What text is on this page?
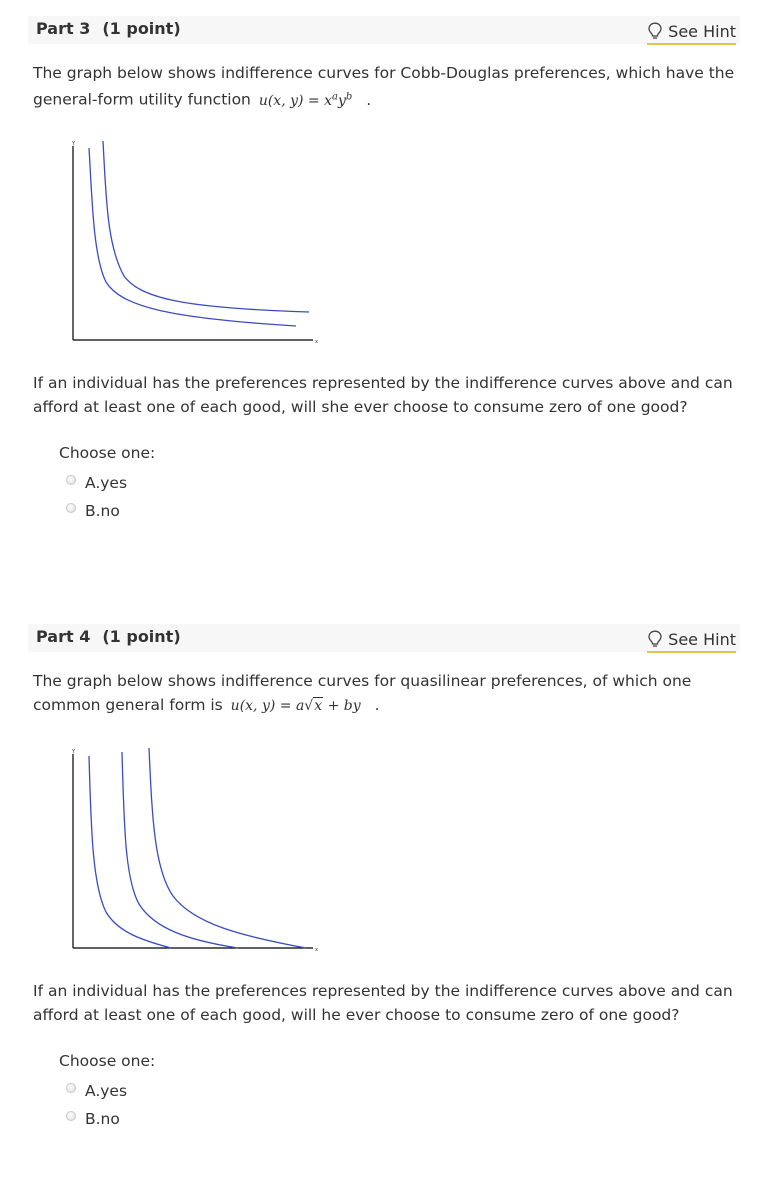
Part 3 (1 point)	See Hint
The graph below shows indifference curves for Cobb-Douglas preferences, which have the general-form utility function u(x, $y) = x^ay^b$ .
Y
x
If an individual has the preferences represented by the indifference curves above and can afford at least one of each good, will she ever choose to consume zero of one good?
Choose one:
A.yes
B.no
Part 4 (1 point)	See Hint
The graph below shows indifference curves for quasilinear preferences, of which one common general form is u(x, y) = a√x + by .
Y
x
If an individual has the preferences represented by the indifference curves above and can afford at least one of each good, will he ever choose to consume zero of one good?
Choose one:
A.yes
B.no
